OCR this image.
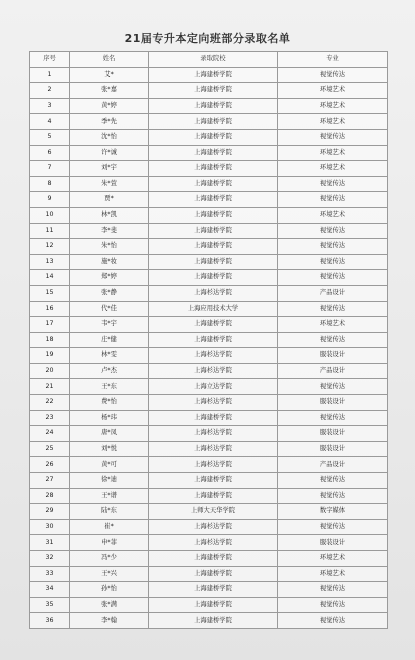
21届专升本定向班部分录取名单
序号	姓名	录取院校	专业
1	艾*	上海建桥学院	视觉传达
2	张*嘉	上海建桥学院	环境艺术
3	黄*婷	上海建桥学院	环境艺术
4	季*先	上海建桥学院	环境艺术
5	沈*怡	上海建桥学院	视觉传达
6	许*诚	上海建桥学院	环境艺术
7	刘*宇	上海建桥学院	环境艺术
8	朱*萱	上海建桥学院	视觉传达
9	贾*	上海建桥学院	视觉传达
10	林*凯	上海建桥学院	环境艺术
11	李*斐	上海建桥学院	视觉传达
12	朱*怡	上海建桥学院	视觉传达
13	施*妆	上海建桥学院	视觉传达
14	郑*婷	上海建桥学院	视觉传达
15	张*静	上海杉达学院	产品设计
16	代*佳	上海应用技术大学	视觉传达
17	韦*宇	上海建桥学院	环境艺术
18	庄*健	上海建桥学院	视觉传达
19	林*雯	上海杉达学院	服装设计
20	卢*杰	上海杉达学院	产品设计
21	王*东	上海立达学院	视觉传达
22	费*怡	上海杉达学院	服装设计
23	杨*玮	上海建桥学院	视觉传达
24	唐*凤	上海杉达学院	服装设计
25	刘*悦	上海杉达学院	服装设计
26	黄*可	上海杉达学院	产品设计
27	徐*迪	上海建桥学院	视觉传达
28	王*谱	上海建桥学院	视觉传达
29	陆*东	上师大天华学院	数字媒体
30	崔*	上海杉达学院	视觉传达
31	申*菲	上海杉达学院	服装设计
32	冯*少	上海建桥学院	环境艺术
33	王*兴	上海建桥学院	环境艺术
34	孙*怡	上海建桥学院	视觉传达
35	张*满	上海建桥学院	视觉传达
36	李*翰	上海建桥学院	视觉传达
